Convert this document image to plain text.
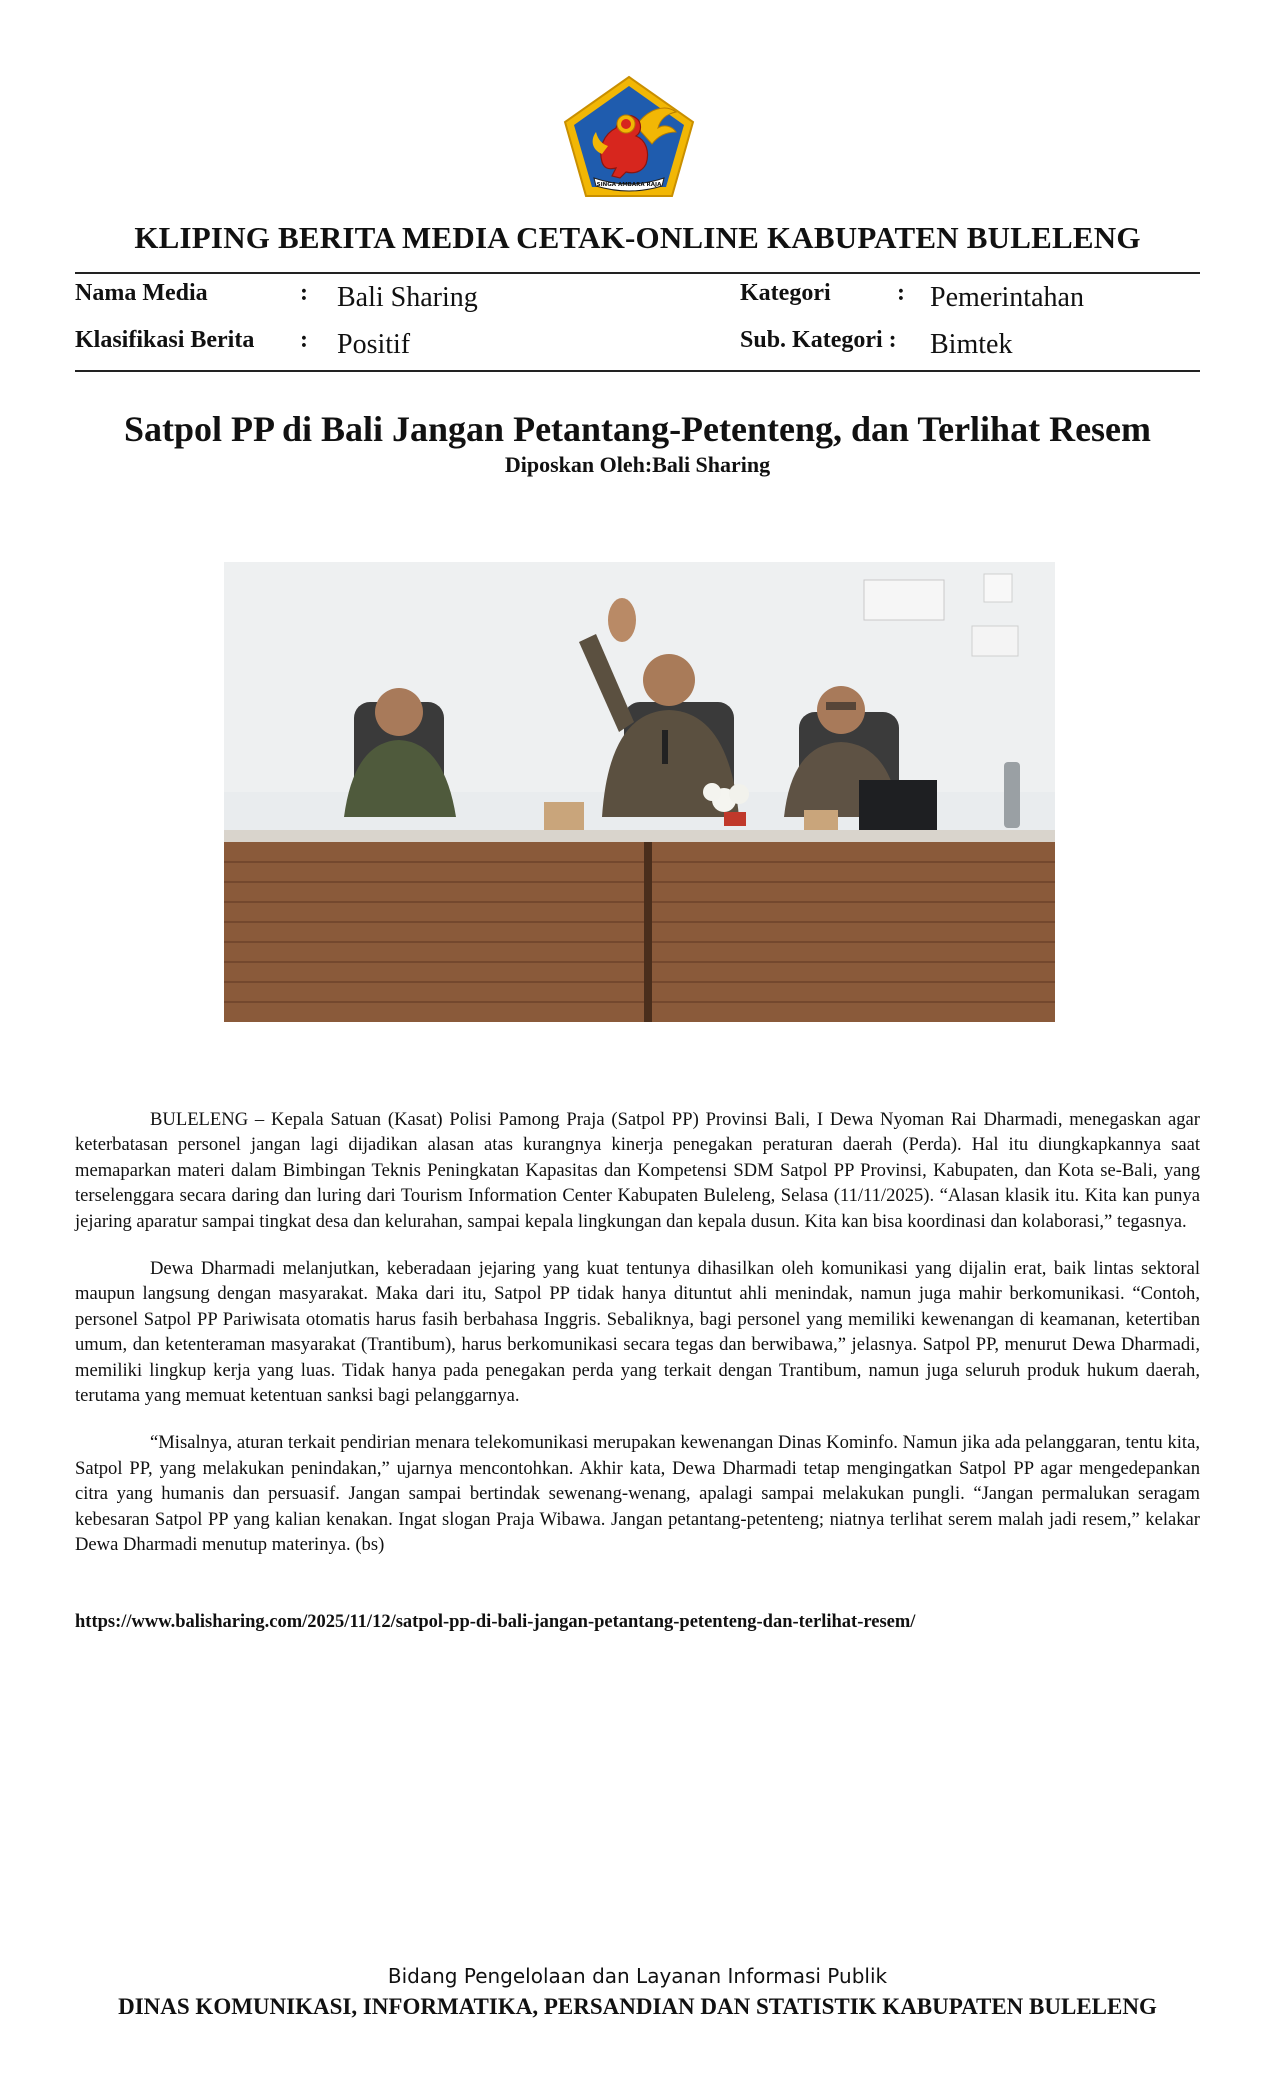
SINGA AMBARA RAJA
KLIPING BERITA MEDIA CETAK-ONLINE KABUPATEN BULELENG
Nama Media	: Bali Sharing
Klasifikasi Berita : Positif
Kategori	: Pemerintahan
Sub. Kategori : Bimtek
Satpol PP di Bali Jangan Petantang-Petenteng, dan Terlihat Resem
Diposkan Oleh:Bali Sharing

BULELENG – Kepala Satuan (Kasat) Polisi Pamong Praja (Satpol PP) Provinsi Bali, I Dewa Nyoman Rai Dharmadi, menegaskan agar keterbatasan personel jangan lagi dijadikan alasan atas kurangnya kinerja penegakan peraturan daerah (Perda). Hal itu diungkapkannya saat memaparkan materi dalam Bimbingan Teknis Peningkatan Kapasitas dan Kompetensi SDM Satpol PP Provinsi, Kabupaten, dan Kota se-Bali, yang terselenggara secara daring dan luring dari Tourism Information Center Kabupaten Buleleng, Selasa (11/11/2025). “Alasan klasik itu. Kita kan punya jejaring aparatur sampai tingkat desa dan kelurahan, sampai kepala lingkungan dan kepala dusun. Kita kan bisa koordinasi dan kolaborasi,” tegasnya.

Dewa Dharmadi melanjutkan, keberadaan jejaring yang kuat tentunya dihasilkan oleh komunikasi yang dijalin erat, baik lintas sektoral maupun langsung dengan masyarakat. Maka dari itu, Satpol PP tidak hanya dituntut ahli menindak, namun juga mahir berkomunikasi. “Contoh, personel Satpol PP Pariwisata otomatis harus fasih berbahasa Inggris. Sebaliknya, bagi personel yang memiliki kewenangan di keamanan, ketertiban umum, dan ketenteraman masyarakat (Trantibum), harus berkomunikasi secara tegas dan berwibawa,” jelasnya. Satpol PP, menurut Dewa Dharmadi, memiliki lingkup kerja yang luas. Tidak hanya pada penegakan perda yang terkait dengan Trantibum, namun juga seluruh produk hukum daerah, terutama yang memuat ketentuan sanksi bagi pelanggarnya.

“Misalnya, aturan terkait pendirian menara telekomunikasi merupakan kewenangan Dinas Kominfo. Namun jika ada pelanggaran, tentu kita, Satpol PP, yang melakukan penindakan,” ujarnya mencontohkan. Akhir kata, Dewa Dharmadi tetap mengingatkan Satpol PP agar mengedepankan citra yang humanis dan persuasif. Jangan sampai bertindak sewenang-wenang, apalagi sampai melakukan pungli. “Jangan permalukan seragam kebesaran Satpol PP yang kalian kenakan. Ingat slogan Praja Wibawa. Jangan petantang-petenteng; niatnya terlihat serem malah jadi resem,” kelakar Dewa Dharmadi menutup materinya. (bs)

https://www.balisharing.com/2025/11/12/satpol-pp-di-bali-jangan-petantang-petenteng-dan-terlihat-resem/
Bidang Pengelolaan dan Layanan Informasi Publik
DINAS KOMUNIKASI, INFORMATIKA, PERSANDIAN DAN STATISTIK KABUPATEN BULELENG
